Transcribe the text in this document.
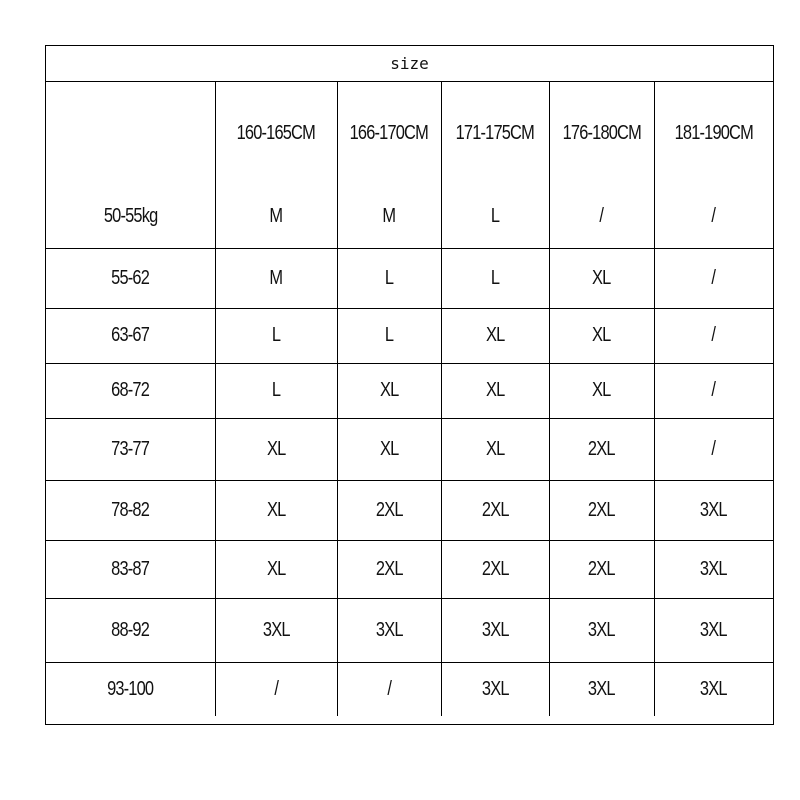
size
	160-165CM	166-170CM	171-175CM	176-180CM	181-190CM
50-55kg	M	M	L	/	/
55-62	M	L	L	XL	/
63-67	L	L	XL	XL	/
68-72	L	XL	XL	XL	/
73-77	XL	XL	XL	2XL	/
78-82	XL	2XL	2XL	2XL	3XL
83-87	XL	2XL	2XL	2XL	3XL
88-92	3XL	3XL	3XL	3XL	3XL
93-100	/	/	3XL	3XL	3XL
